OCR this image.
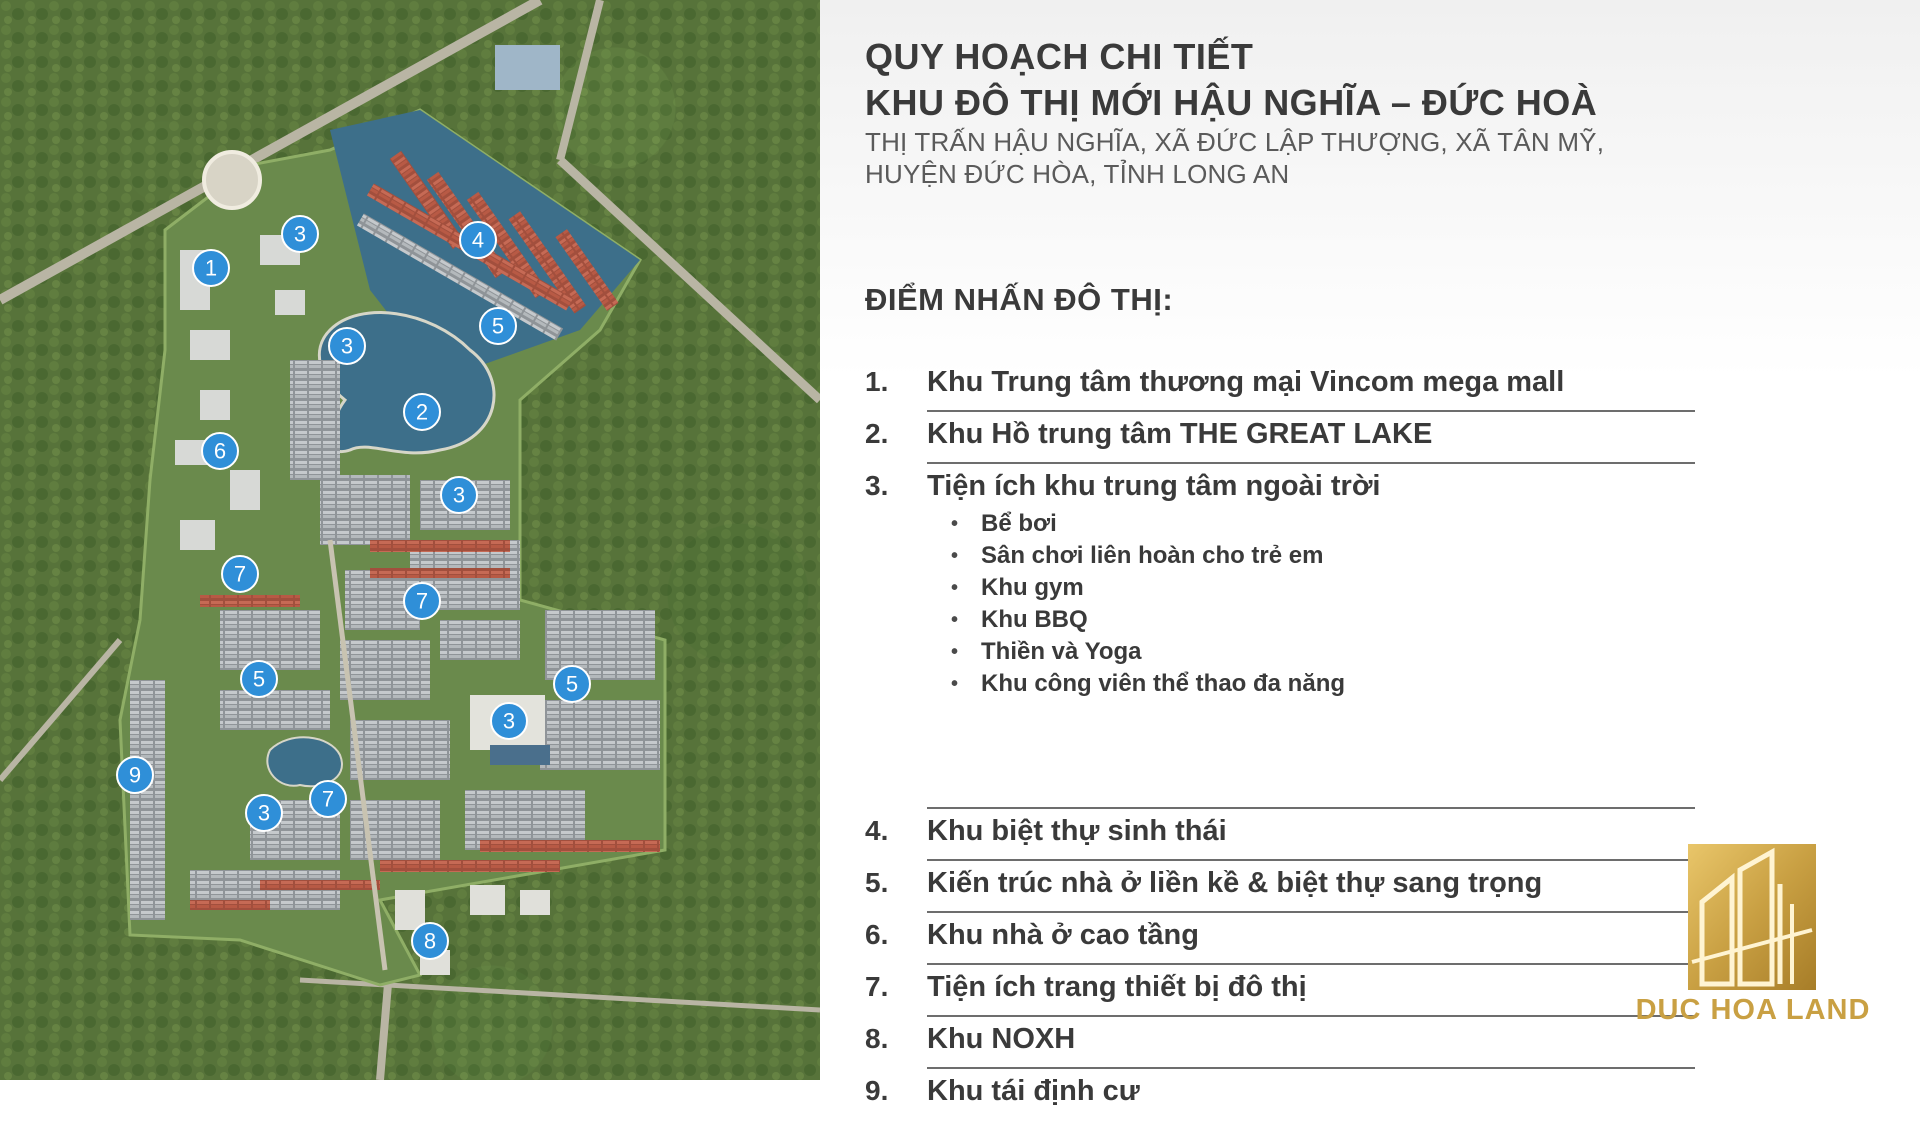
1
3	4
5
3
2
6
3
7
7
5	5
3
9
3
7
8
QUY HOẠCH CHI TIẾT
KHU ĐÔ THỊ MỚI HẬU NGHĨA – ĐỨC HOÀ
THỊ TRẤN HẬU NGHĨA, XÃ ĐỨC LẬP THƯỢNG, XÃ TÂN MỸ,
HUYỆN ĐỨC HÒA, TỈNH LONG AN
ĐIỂM NHẤN ĐÔ THỊ:
1.	Khu Trung tâm thương mại Vincom mega mall
2.	Khu Hồ trung tâm THE GREAT LAKE
3.	Tiện ích khu trung tâm ngoài trời
• Bể bơi
• Sân chơi liên hoàn cho trẻ em
• Khu gym
• Khu BBQ
• Thiền và Yoga
• Khu công viên thể thao đa năng
4.	Khu biệt thự sinh thái
5.	Kiến trúc nhà ở liền kề & biệt thự sang trọng
6.	Khu nhà ở cao tầng
7.	Tiện ích trang thiết bị đô thị
8.	Khu NOXH
9.	Khu tái định cư
DUC HOA LAND
